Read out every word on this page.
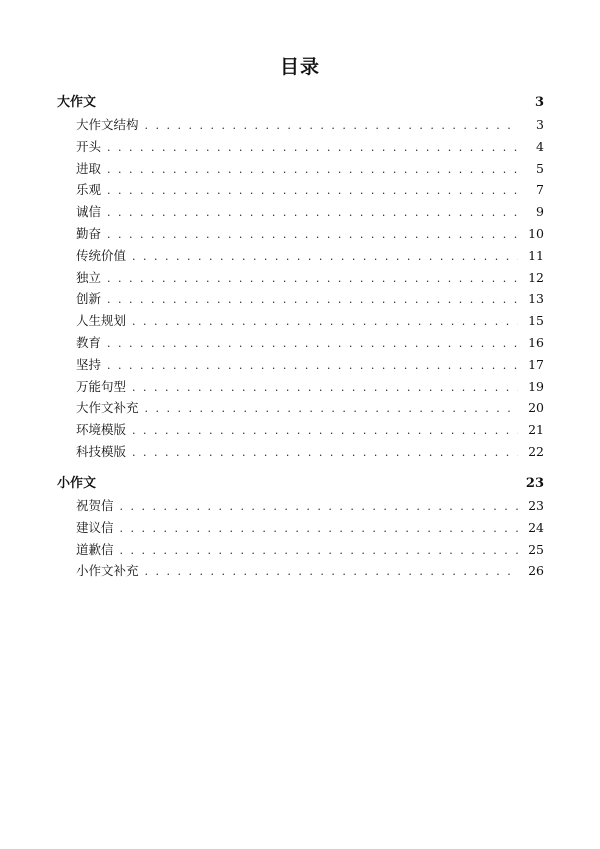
目录
大作文	3
大作文结构 . . .	3
开头 . . .	4
进取 . . .	5
乐观 . . .	7
诚信 . . .	9
勤奋 . . .	10
传统价值 . . .	11
独立 . . .	12
创新 . . .	13
人生规划 . . .	15
教育 . . .	16
坚持 . . .	17
万能句型 . . .	19
大作文补充 . . .	20
环境模版 . . .	21
科技模版 . . .	22
小作文	23
祝贺信 . . .	23
建议信 . . .	24
道歉信 . . .	25
小作文补充 . . .	26
